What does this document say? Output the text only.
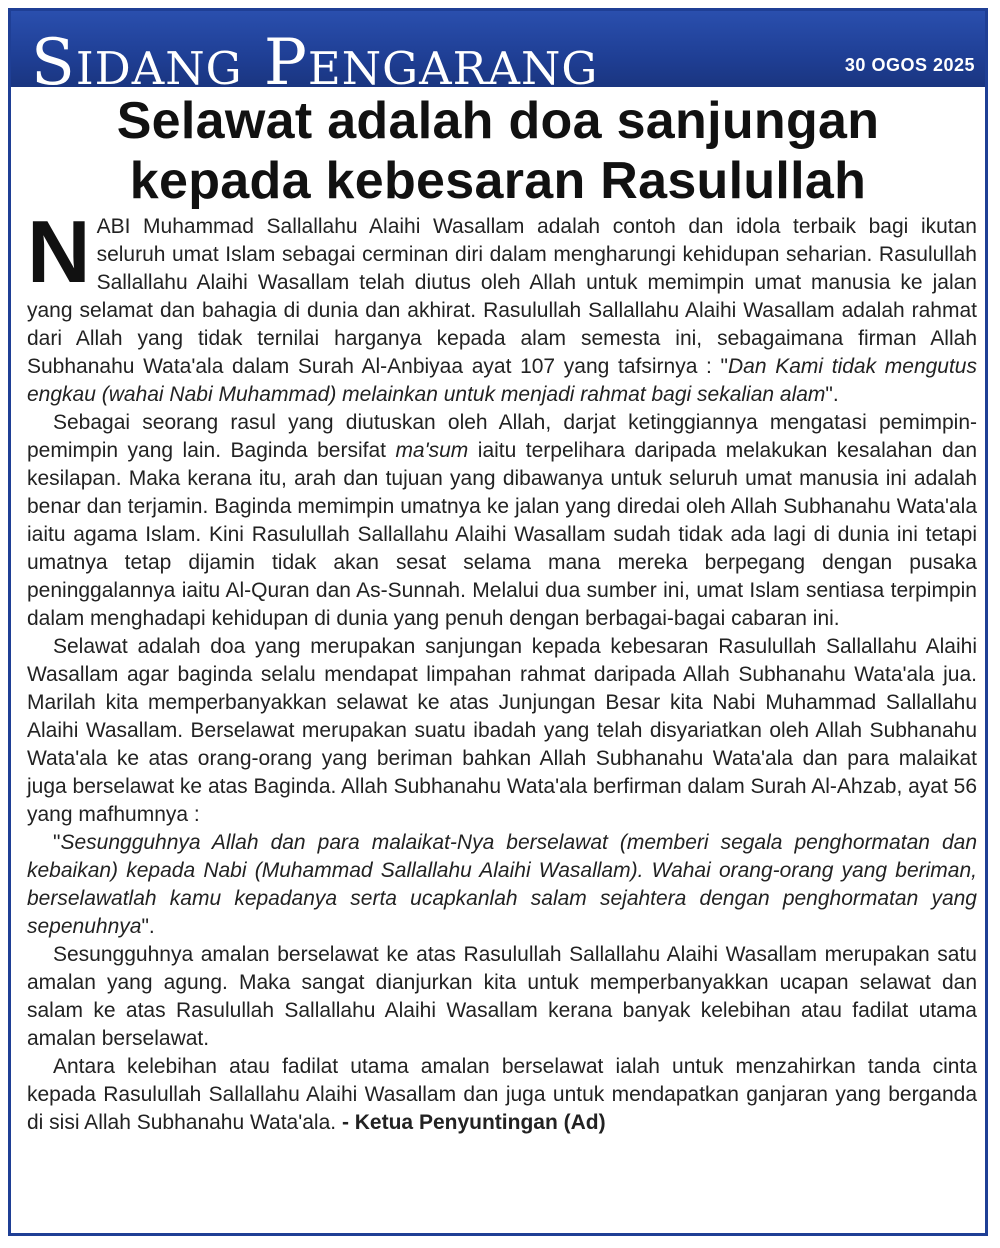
Sidang Pengarang	30 OGOS 2025
Selawat adalah doa sanjungan
kepada kebesaran Rasulullah

NABI Muhammad Sallallahu Alaihi Wasallam adalah contoh dan idola terbaik bagi ikutan seluruh umat Islam sebagai cerminan diri dalam mengharungi kehidupan seharian. Rasulullah Sallallahu Alaihi Wasallam telah diutus oleh Allah untuk memimpin umat manusia ke jalan yang selamat dan bahagia di dunia dan akhirat. Rasulullah Sallallahu Alaihi Wasallam adalah rahmat dari Allah yang tidak ternilai harganya kepada alam semesta ini, sebagaimana firman Allah Subhanahu Wata'ala dalam Surah Al-Anbiyaa ayat 107 yang tafsirnya : "Dan Kami tidak mengutus engkau (wahai Nabi Muhammad) melainkan untuk menjadi rahmat bagi sekalian alam".

Sebagai seorang rasul yang diutuskan oleh Allah, darjat ketinggiannya mengatasi pemimpin-pemimpin yang lain. Baginda bersifat ma'sum iaitu terpelihara daripada melakukan kesalahan dan kesilapan. Maka kerana itu, arah dan tujuan yang dibawanya untuk seluruh umat manusia ini adalah benar dan terjamin. Baginda memimpin umatnya ke jalan yang diredai oleh Allah Subhanahu Wata'ala iaitu agama Islam. Kini Rasulullah Sallallahu Alaihi Wasallam sudah tidak ada lagi di dunia ini tetapi umatnya tetap dijamin tidak akan sesat selama mana mereka berpegang dengan pusaka peninggalannya iaitu Al-Quran dan As-Sunnah. Melalui dua sumber ini, umat Islam sentiasa terpimpin dalam menghadapi kehidupan di dunia yang penuh dengan berbagai-bagai cabaran ini.

Selawat adalah doa yang merupakan sanjungan kepada kebesaran Rasulullah Sallallahu Alaihi Wasallam agar baginda selalu mendapat limpahan rahmat daripada Allah Subhanahu Wata'ala jua. Marilah kita memperbanyakkan selawat ke atas Junjungan Besar kita Nabi Muhammad Sallallahu Alaihi Wasallam. Berselawat merupakan suatu ibadah yang telah disyariatkan oleh Allah Subhanahu Wata'ala ke atas orang-orang yang beriman bahkan Allah Subhanahu Wata'ala dan para malaikat juga berselawat ke atas Baginda. Allah Subhanahu Wata'ala berfirman dalam Surah Al-Ahzab, ayat 56 yang mafhumnya :

"Sesungguhnya Allah dan para malaikat-Nya berselawat (memberi segala penghormatan dan kebaikan) kepada Nabi (Muhammad Sallallahu Alaihi Wasallam). Wahai orang-orang yang beriman, berselawatlah kamu kepadanya serta ucapkanlah salam sejahtera dengan penghormatan yang sepenuhnya".

Sesungguhnya amalan berselawat ke atas Rasulullah Sallallahu Alaihi Wasallam merupakan satu amalan yang agung. Maka sangat dianjurkan kita untuk memperbanyakkan ucapan selawat dan salam ke atas Rasulullah Sallallahu Alaihi Wasallam kerana banyak kelebihan atau fadilat utama amalan berselawat.

Antara kelebihan atau fadilat utama amalan berselawat ialah untuk menzahirkan tanda cinta kepada Rasulullah Sallallahu Alaihi Wasallam dan juga untuk mendapatkan ganjaran yang berganda di sisi Allah Subhanahu Wata'ala. - Ketua Penyuntingan (Ad)
